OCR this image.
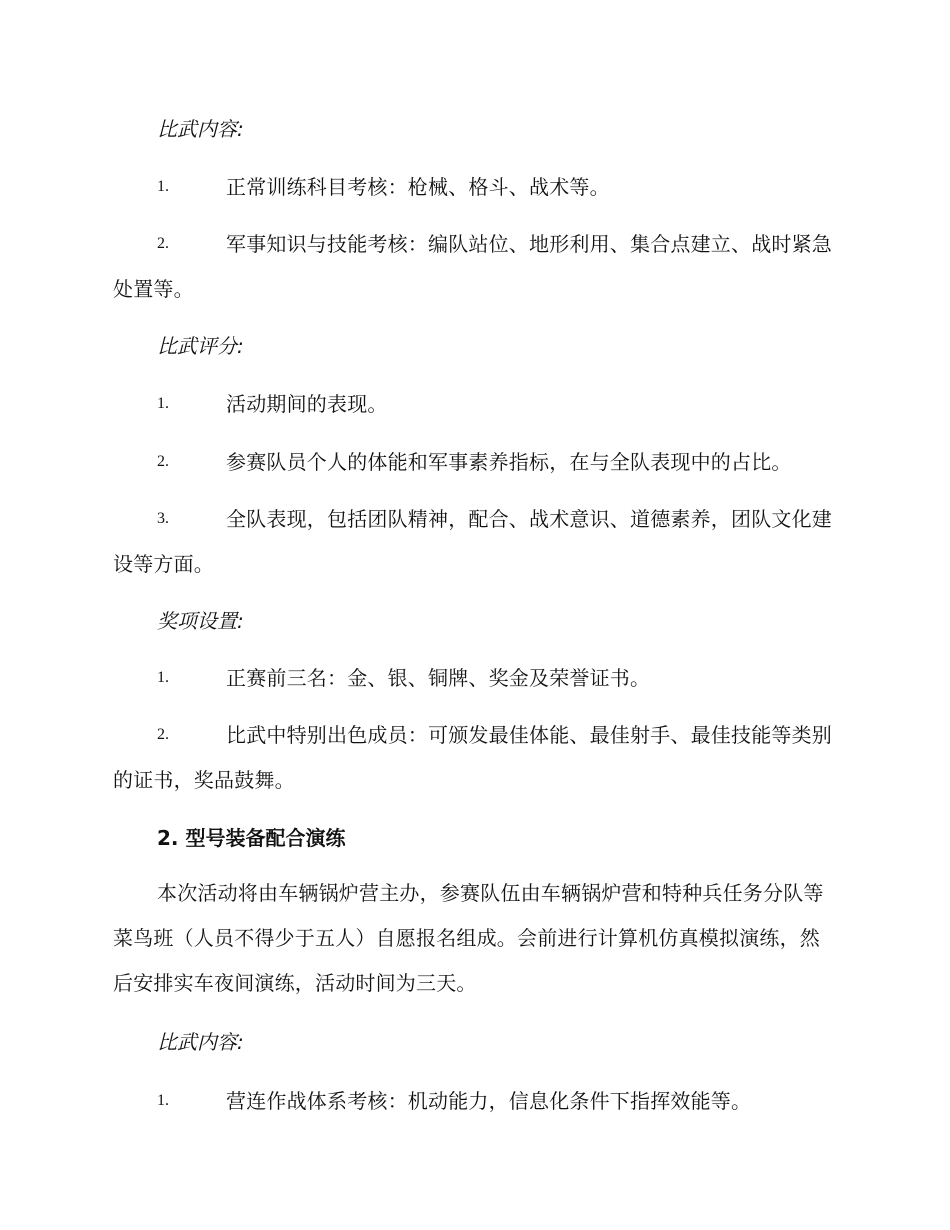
比武内容:
1.	正常训练科目考核：枪械、格斗、战术等。

2.	军事知识与技能考核：编队站位、地形利用、集合点建立、战时紧急处置等。

比武评分:
1.	活动期间的表现。

2.	参赛队员个人的体能和军事素养指标，在与全队表现中的占比。

3.	全队表现，包括团队精神，配合、战术意识、道德素养，团队文化建设等方面。

奖项设置:
1.	正赛前三名：金、银、铜牌、奖金及荣誉证书。

2.	比武中特别出色成员：可颁发最佳体能、最佳射手、最佳技能等类别的证书，奖品鼓舞。

2. 型号装备配合演练

本次活动将由车辆锅炉营主办，参赛队伍由车辆锅炉营和特种兵任务分队等菜鸟班（人员不得少于五人）自愿报名组成。会前进行计算机仿真模拟演练，然后安排实车夜间演练，活动时间为三天。

比武内容:
1.	营连作战体系考核：机动能力，信息化条件下指挥效能等。
